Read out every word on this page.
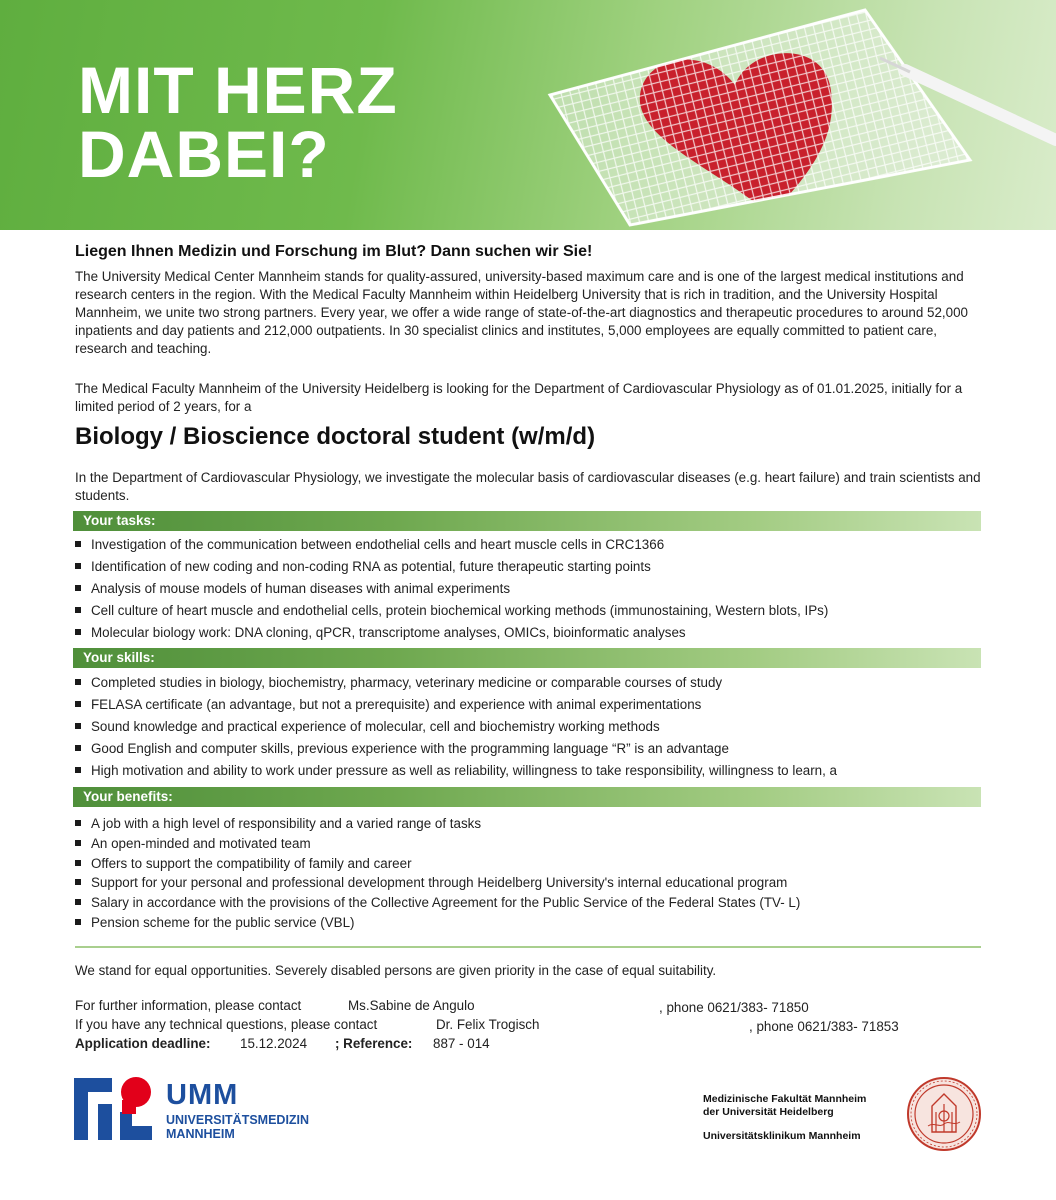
MIT HERZ
DABEI?
Liegen Ihnen Medizin und Forschung im Blut? Dann suchen wir Sie!

The University Medical Center Mannheim stands for quality-assured, university-based maximum care and is one of the largest medical institutions and research centers in the region. With the Medical Faculty Mannheim within Heidelberg University that is rich in tradition, and the University Hospital Mannheim, we unite two strong partners. Every year, we offer a wide range of state-of-the-art diagnostics and therapeutic procedures to around 52,000 inpatients and day patients and 212,000 outpatients. In 30 specialist clinics and institutes, 5,000 employees are equally committed to patient care, research and teaching.

The Medical Faculty Mannheim of the University Heidelberg is looking for the Department of Cardiovascular Physiology as of 01.01.2025, initially for a limited period of 2 years, for a

Biology / Bioscience doctoral student (w/m/d)

In the Department of Cardiovascular Physiology, we investigate the molecular basis of cardiovascular diseases (e.g. heart failure) and train scientists and students.

Your tasks:
Investigation of the communication between endothelial cells and heart muscle cells in CRC1366
Identification of new coding and non-coding RNA as potential, future therapeutic starting points
Analysis of mouse models of human diseases with animal experiments
Cell culture of heart muscle and endothelial cells, protein biochemical working methods (immunostaining, Western blots, IPs)
Molecular biology work: DNA cloning, qPCR, transcriptome analyses, OMICs, bioinformatic analyses
Your skills:
Completed studies in biology, biochemistry, pharmacy, veterinary medicine or comparable courses of study
FELASA certificate (an advantage, but not a prerequisite) and experience with animal experimentations
Sound knowledge and practical experience of molecular, cell and biochemistry working methods
Good English and computer skills, previous experience with the programming language “R” is an advantage
High motivation and ability to work under pressure as well as reliability, willingness to take responsibility, willingness to learn, a
Your benefits:
A job with a high level of responsibility and a varied range of tasks
An open-minded and motivated team
Offers to support the compatibility of family and career
Support for your personal and professional development through Heidelberg University's internal educational program
Salary in accordance with the provisions of the Collective Agreement for the Public Service of the Federal States (TV- L)
Pension scheme for the public service (VBL)

We stand for equal opportunities. Severely disabled persons are given priority in the case of equal suitability.

For further information, please contact	Ms.Sabine de Angulo	, phone 0621/383- 71850
If you have any technical questions, please contact	Dr. Felix Trogisch	, phone 0621/383- 71853
Application deadline: 15.12.2024 ; Reference: 887 - 014
UMM
UNIVERSITÄTSMEDIZIN
MANNHEIM
Medizinische Fakultät Mannheim
der Universität Heidelberg
Universitätsklinikum Mannheim
